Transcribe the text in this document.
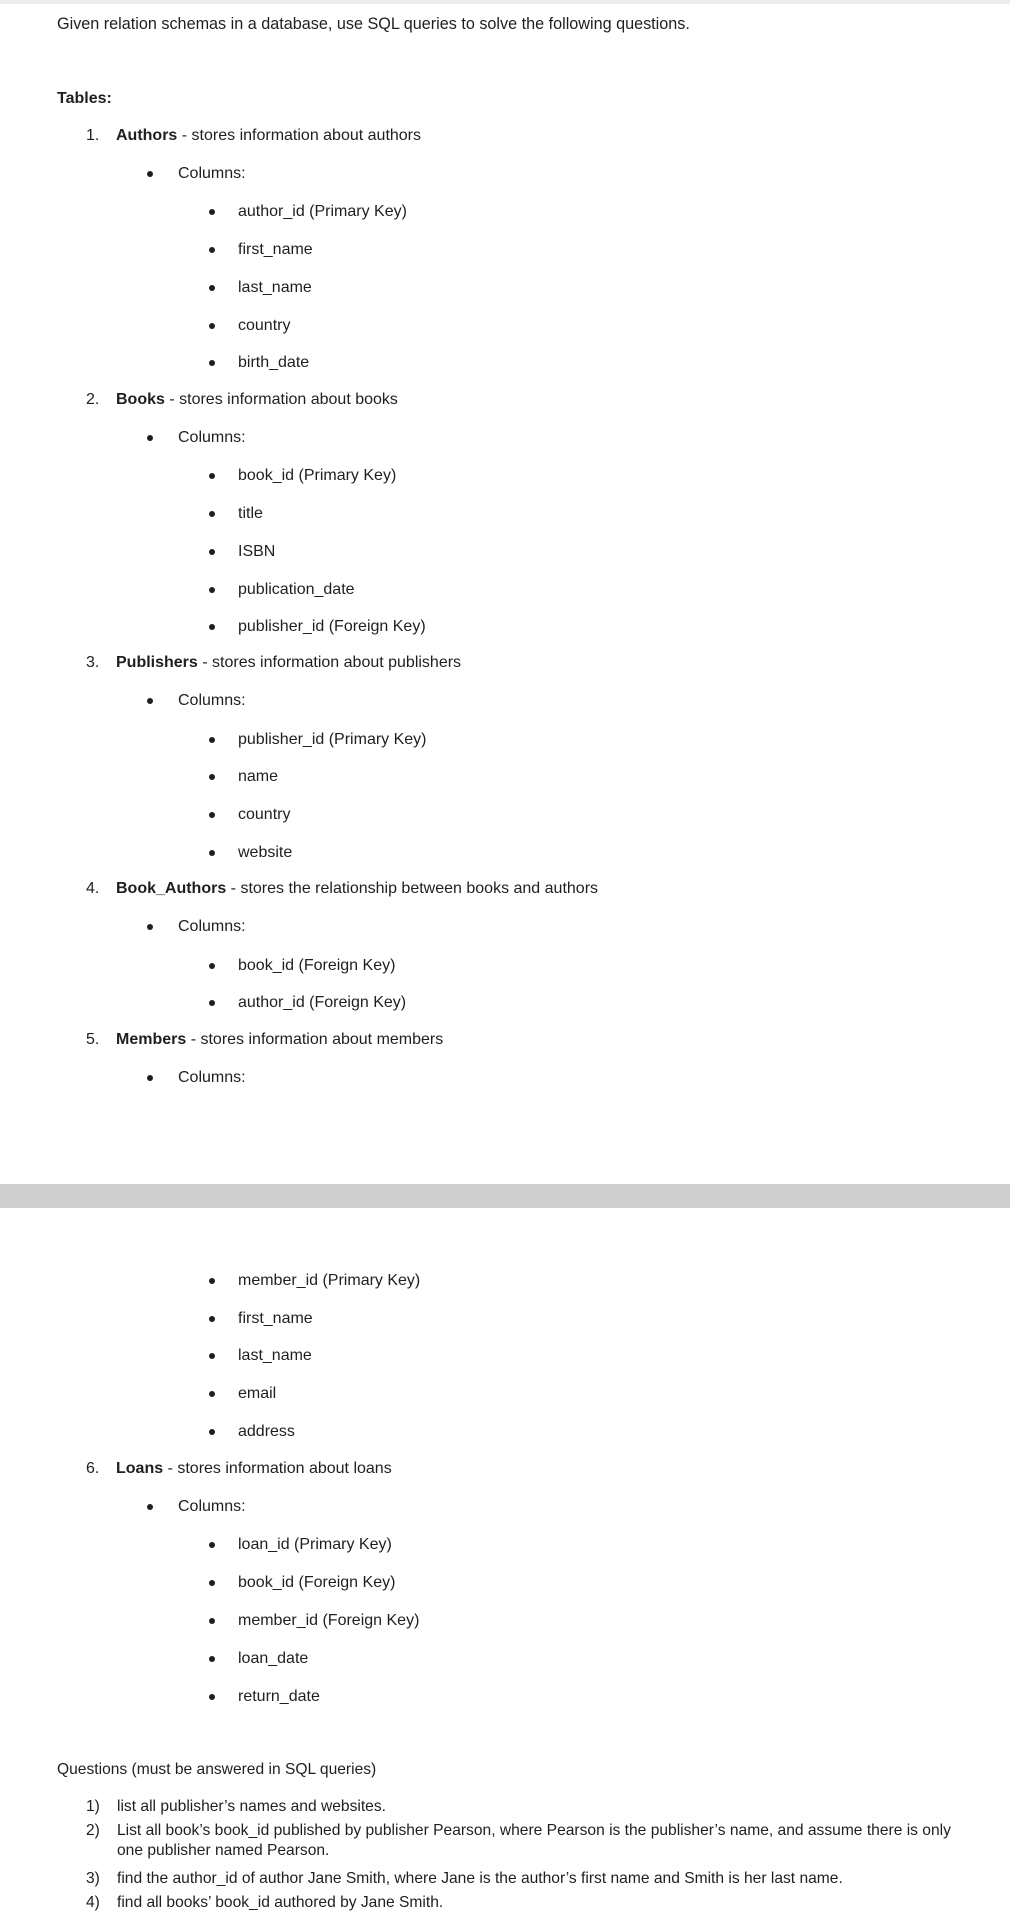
Given relation schemas in a database, use SQL queries to solve the following questions.
Tables:
1. Authors - stores information about authors
Columns:
author_id (Primary Key)
first_name
last_name
country
birth_date
2. Books - stores information about books
Columns:
book_id (Primary Key)
title
ISBN
publication_date
publisher_id (Foreign Key)
3. Publishers - stores information about publishers
Columns:
publisher_id (Primary Key)
name
country
website
4. Book_Authors - stores the relationship between books and authors
Columns:
book_id (Foreign Key)
author_id (Foreign Key)
5. Members - stores information about members
Columns:
member_id (Primary Key)
first_name
last_name
email
address
6. Loans - stores information about loans
Columns:
loan_id (Primary Key)
book_id (Foreign Key)
member_id (Foreign Key)
loan_date
return_date
Questions (must be answered in SQL queries)
1) list all publisher’s names and websites.
2) List all book’s book_id published by publisher Pearson, where Pearson is the publisher’s name, and assume there is only one publisher named Pearson.
3) find the author_id of author Jane Smith, where Jane is the author’s first name and Smith is her last name.
4) find all books’ book_id authored by Jane Smith.
